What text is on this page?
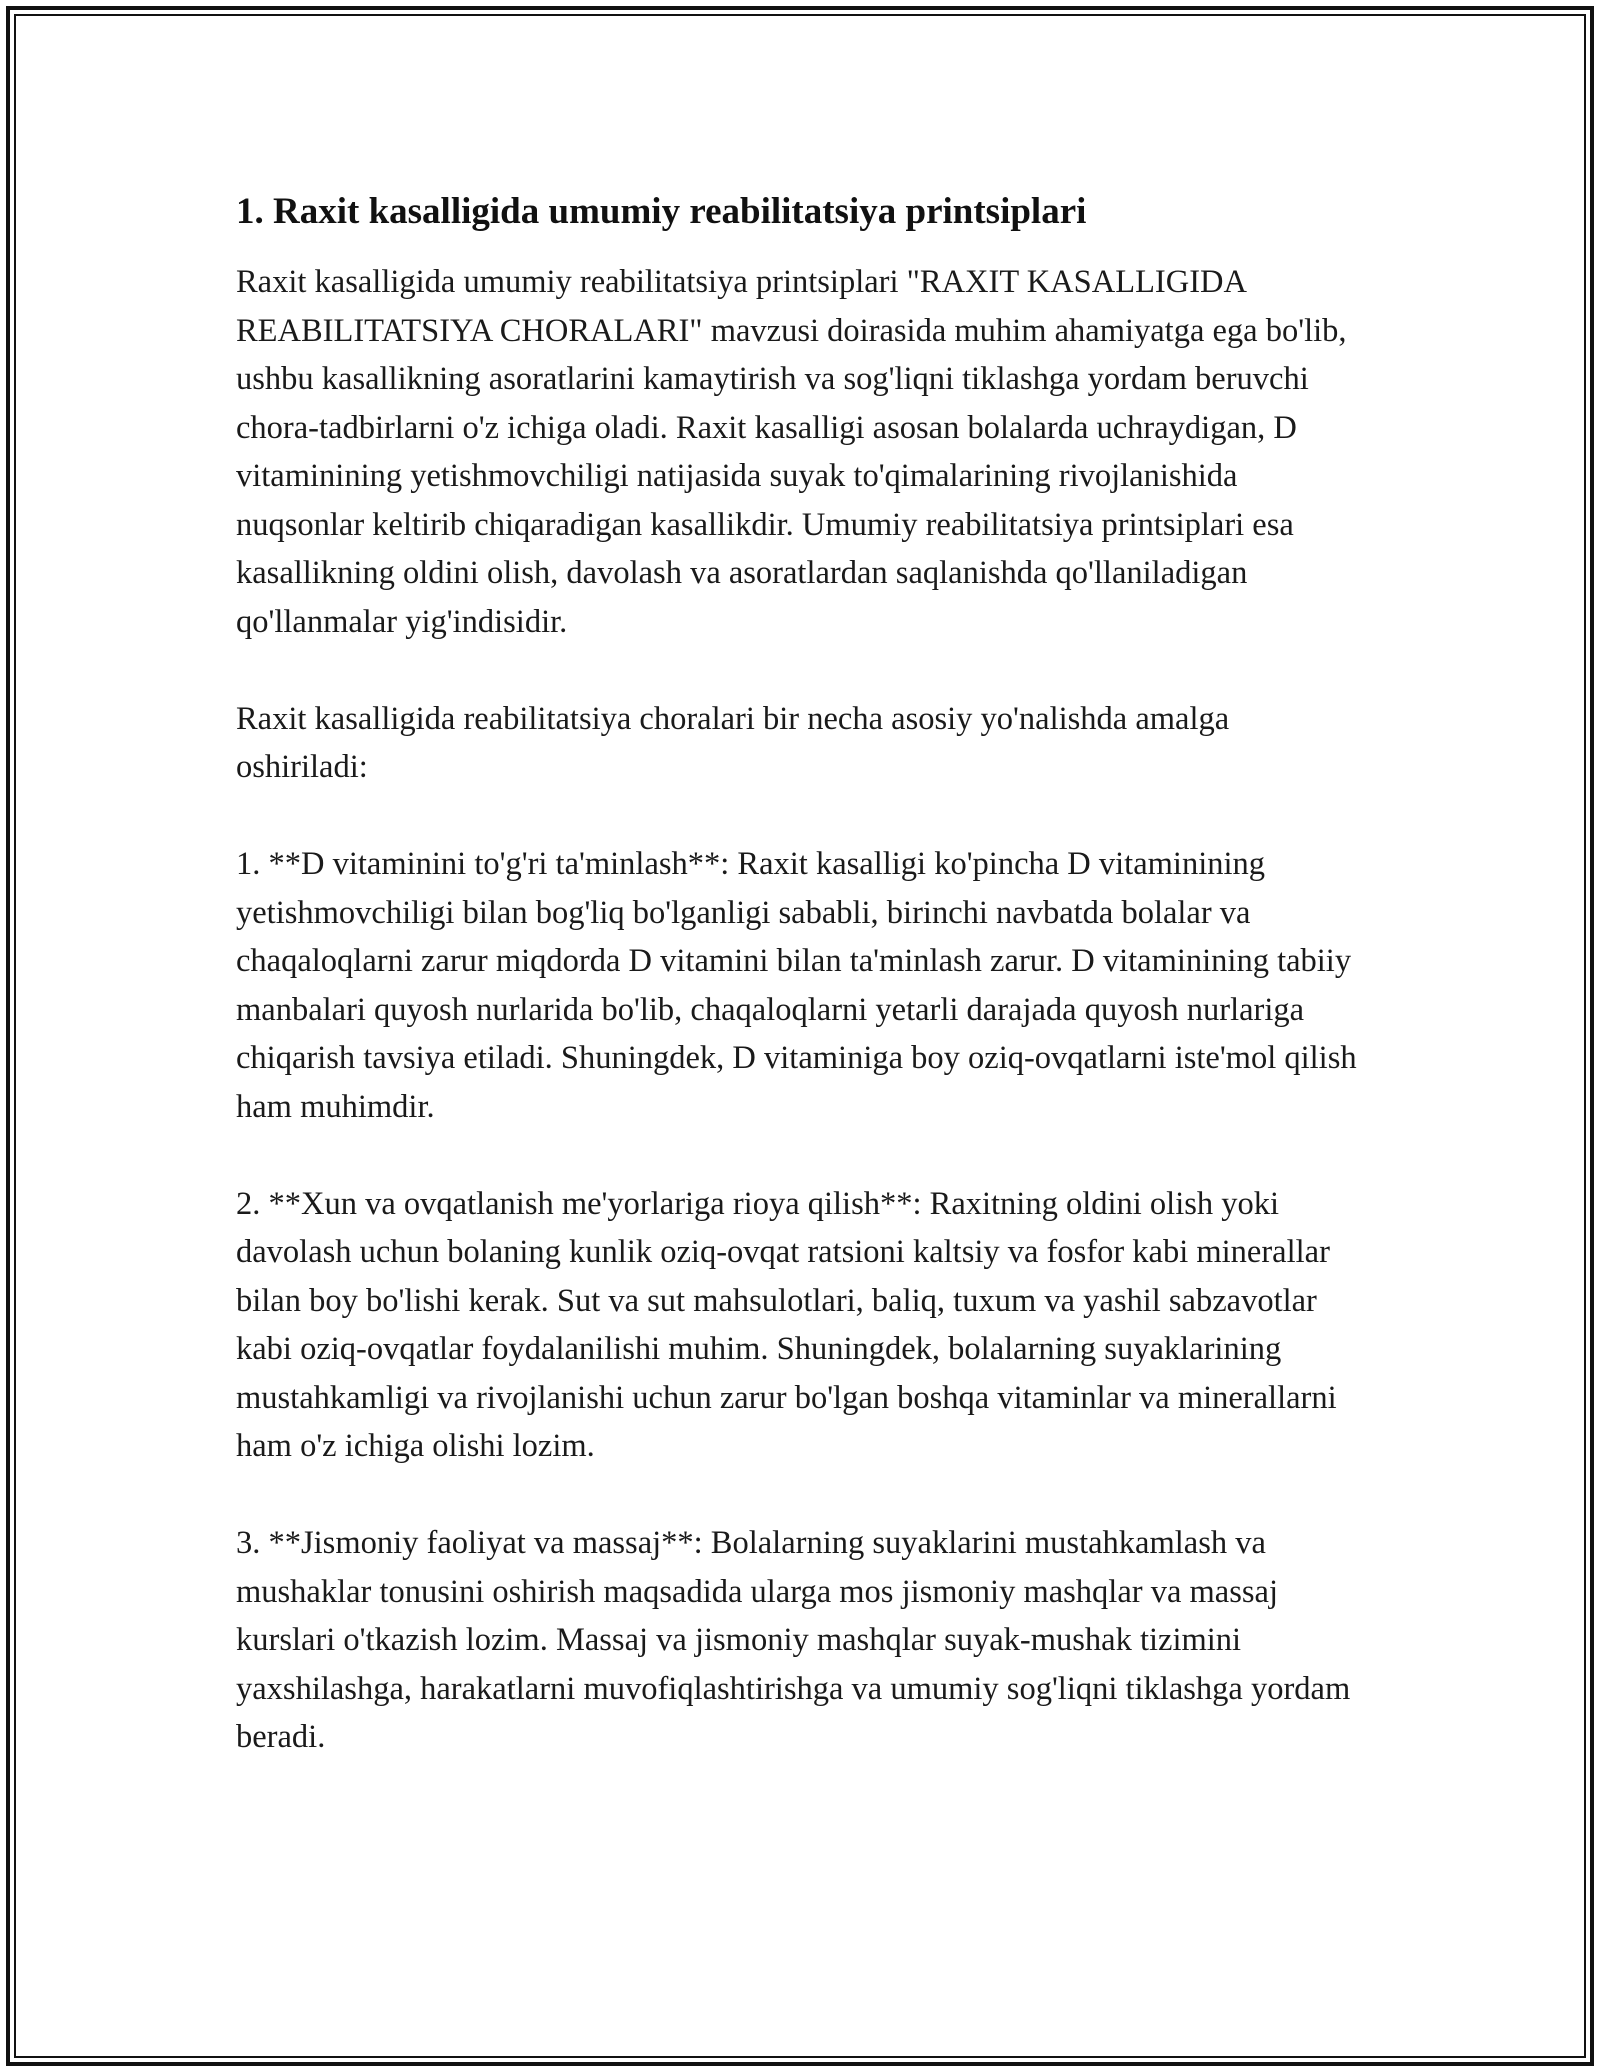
1. Raxit kasalligida umumiy reabilitatsiya printsiplari

Raxit kasalligida umumiy reabilitatsiya printsiplari "RAXIT KASALLIGIDA REABILITATSIYA CHORALARI" mavzusi doirasida muhim ahamiyatga ega bo'lib, ushbu kasallikning asoratlarini kamaytirish va sog'liqni tiklashga yordam beruvchi chora-tadbirlarni o'z ichiga oladi. Raxit kasalligi asosan bolalarda uchraydigan, D vitaminining yetishmovchiligi natijasida suyak to'qimalarining rivojlanishida nuqsonlar keltirib chiqaradigan kasallikdir. Umumiy reabilitatsiya printsiplari esa kasallikning oldini olish, davolash va asoratlardan saqlanishda qo'llaniladigan qo'llanmalar yig'indisidir.

Raxit kasalligida reabilitatsiya choralari bir necha asosiy yo'nalishda amalga oshiriladi:

1. **D vitaminini to'g'ri ta'minlash**: Raxit kasalligi ko'pincha D vitaminining yetishmovchiligi bilan bog'liq bo'lganligi sababli, birinchi navbatda bolalar va chaqaloqlarni zarur miqdorda D vitamini bilan ta'minlash zarur. D vitaminining tabiiy manbalari quyosh nurlarida bo'lib, chaqaloqlarni yetarli darajada quyosh nurlariga chiqarish tavsiya etiladi. Shuningdek, D vitaminiga boy oziq-ovqatlarni iste'mol qilish ham muhimdir.

2. **Xun va ovqatlanish me'yorlariga rioya qilish**: Raxitning oldini olish yoki davolash uchun bolaning kunlik oziq-ovqat ratsioni kaltsiy va fosfor kabi minerallar bilan boy bo'lishi kerak. Sut va sut mahsulotlari, baliq, tuxum va yashil sabzavotlar kabi oziq-ovqatlar foydalanilishi muhim. Shuningdek, bolalarning suyaklarining mustahkamligi va rivojlanishi uchun zarur bo'lgan boshqa vitaminlar va minerallarni ham o'z ichiga olishi lozim.

3. **Jismoniy faoliyat va massaj**: Bolalarning suyaklarini mustahkamlash va mushaklar tonusini oshirish maqsadida ularga mos jismoniy mashqlar va massaj kurslari o'tkazish lozim. Massaj va jismoniy mashqlar suyak-mushak tizimini yaxshilashga, harakatlarni muvofiqlashtirishga va umumiy sog'liqni tiklashga yordam beradi.
